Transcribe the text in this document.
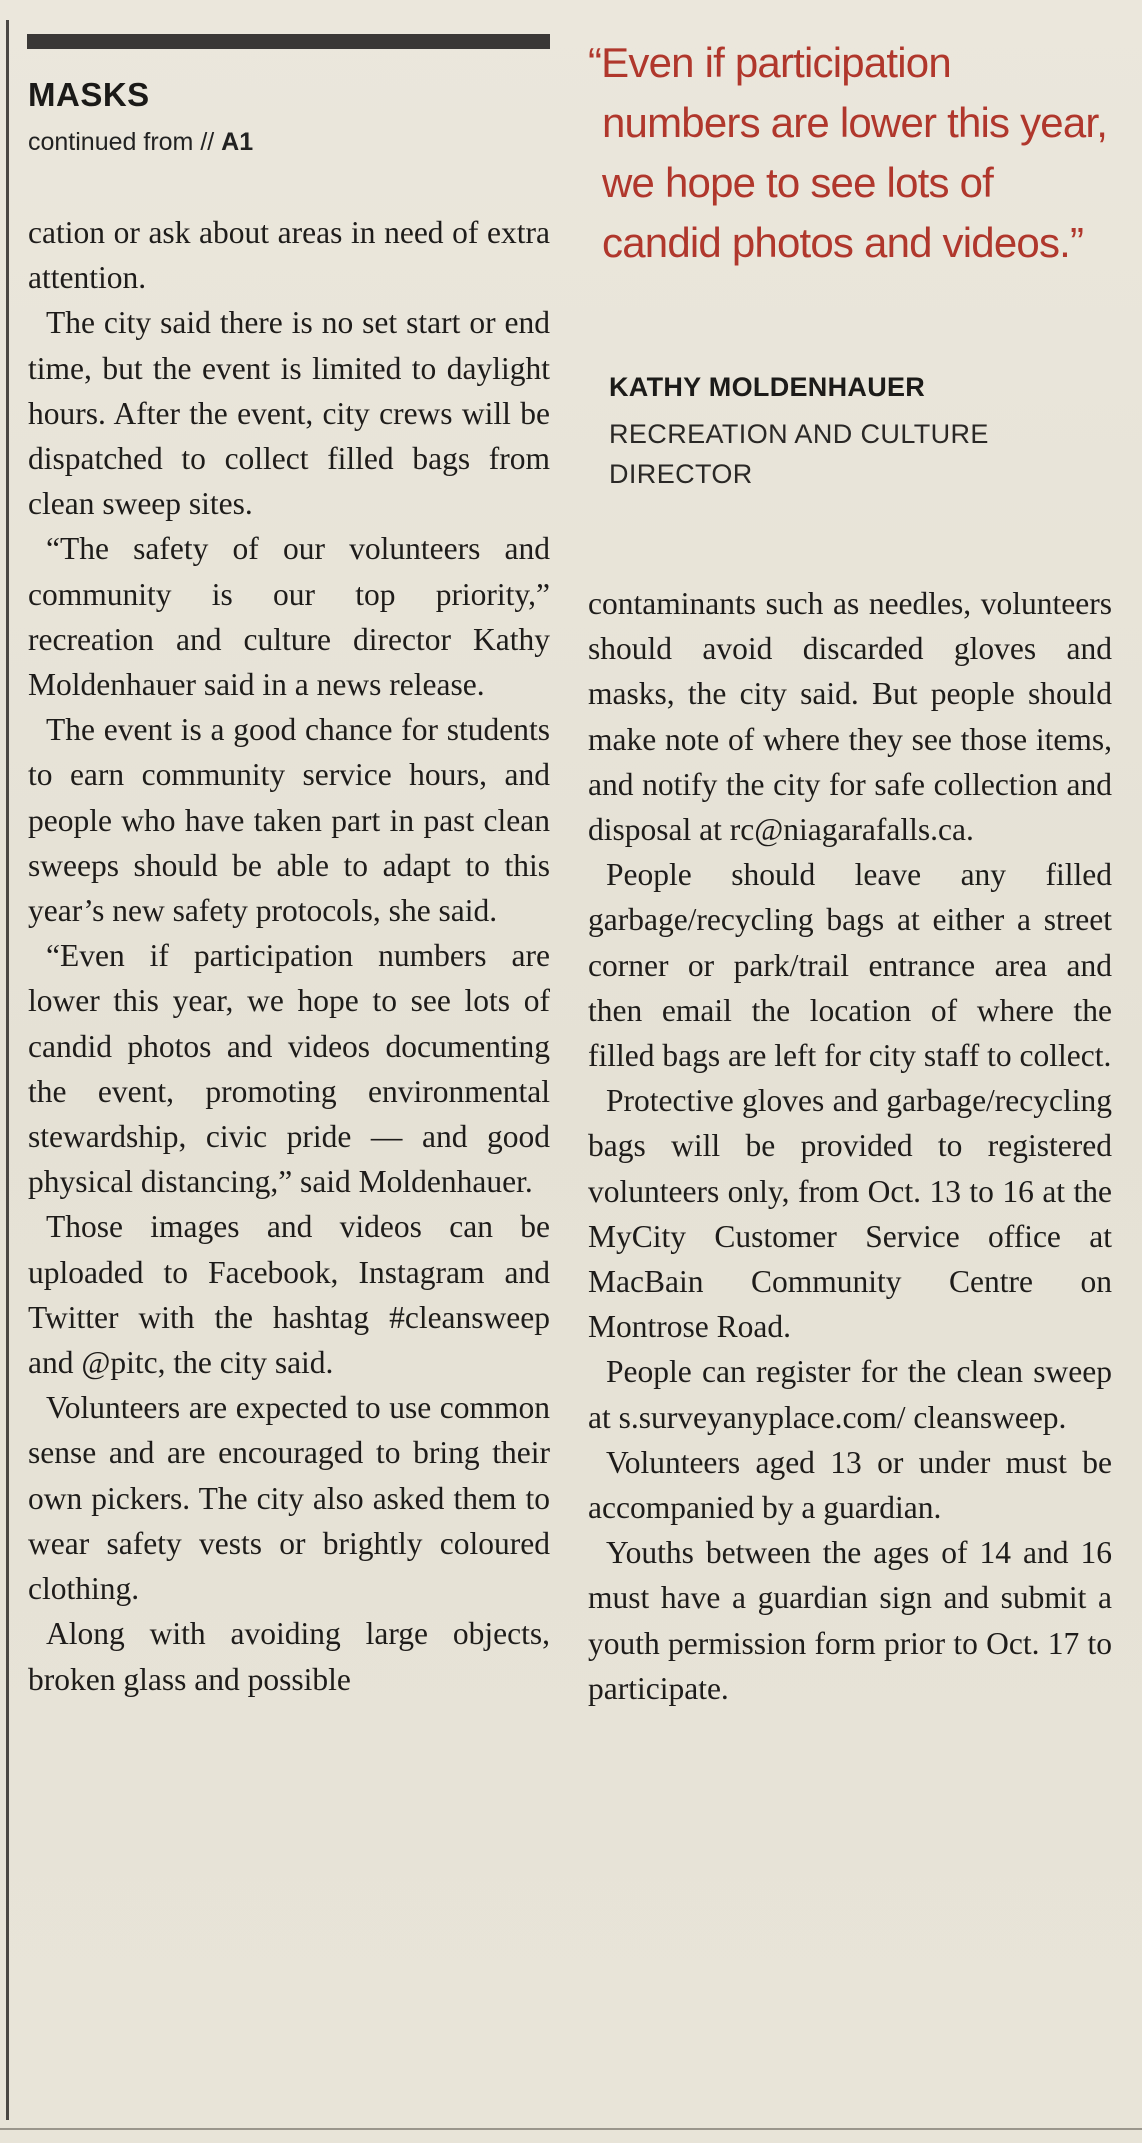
MASKS
continued from // A1

cation or ask about areas in need of extra attention.

The city said there is no set start or end time, but the event is limited to daylight hours. After the event, city crews will be dispatched to collect filled bags from clean sweep sites.

“The safety of our volunteers and community is our top priority,” recreation and culture director Kathy Moldenhauer said in a news release.

The event is a good chance for students to earn community service hours, and people who have taken part in past clean sweeps should be able to adapt to this year’s new safety protocols, she said.

“Even if participation numbers are lower this year, we hope to see lots of candid photos and videos documenting the event, promoting environmental stewardship, civic pride — and good physical distancing,” said Moldenhauer.

Those images and videos can be uploaded to Facebook, Instagram and Twitter with the hashtag #cleansweep and @pitc, the city said.

Volunteers are expected to use common sense and are encouraged to bring their own pickers. The city also asked them to wear safety vests or brightly coloured clothing.

Along with avoiding large objects, broken glass and possible

“Even if participation numbers are lower this year, we hope to see lots of candid photos and videos.”
KATHY MOLDENHAUER
RECREATION AND CULTURE DIRECTOR

contaminants such as needles, volunteers should avoid discarded gloves and masks, the city said. But people should make note of where they see those items, and notify the city for safe collection and disposal at rc@niagarafalls.ca.

People should leave any filled garbage/recycling bags at either a street corner or park/trail entrance area and then email the location of where the filled bags are left for city staff to collect.

Protective gloves and garbage/recycling bags will be provided to registered volunteers only, from Oct. 13 to 16 at the MyCity Customer Service office at MacBain Community Centre on Montrose Road.

People can register for the clean sweep at s.surveyanyplace.com/ cleansweep.

Volunteers aged 13 or under must be accompanied by a guardian.

Youths between the ages of 14 and 16 must have a guardian sign and submit a youth permission form prior to Oct. 17 to participate.
